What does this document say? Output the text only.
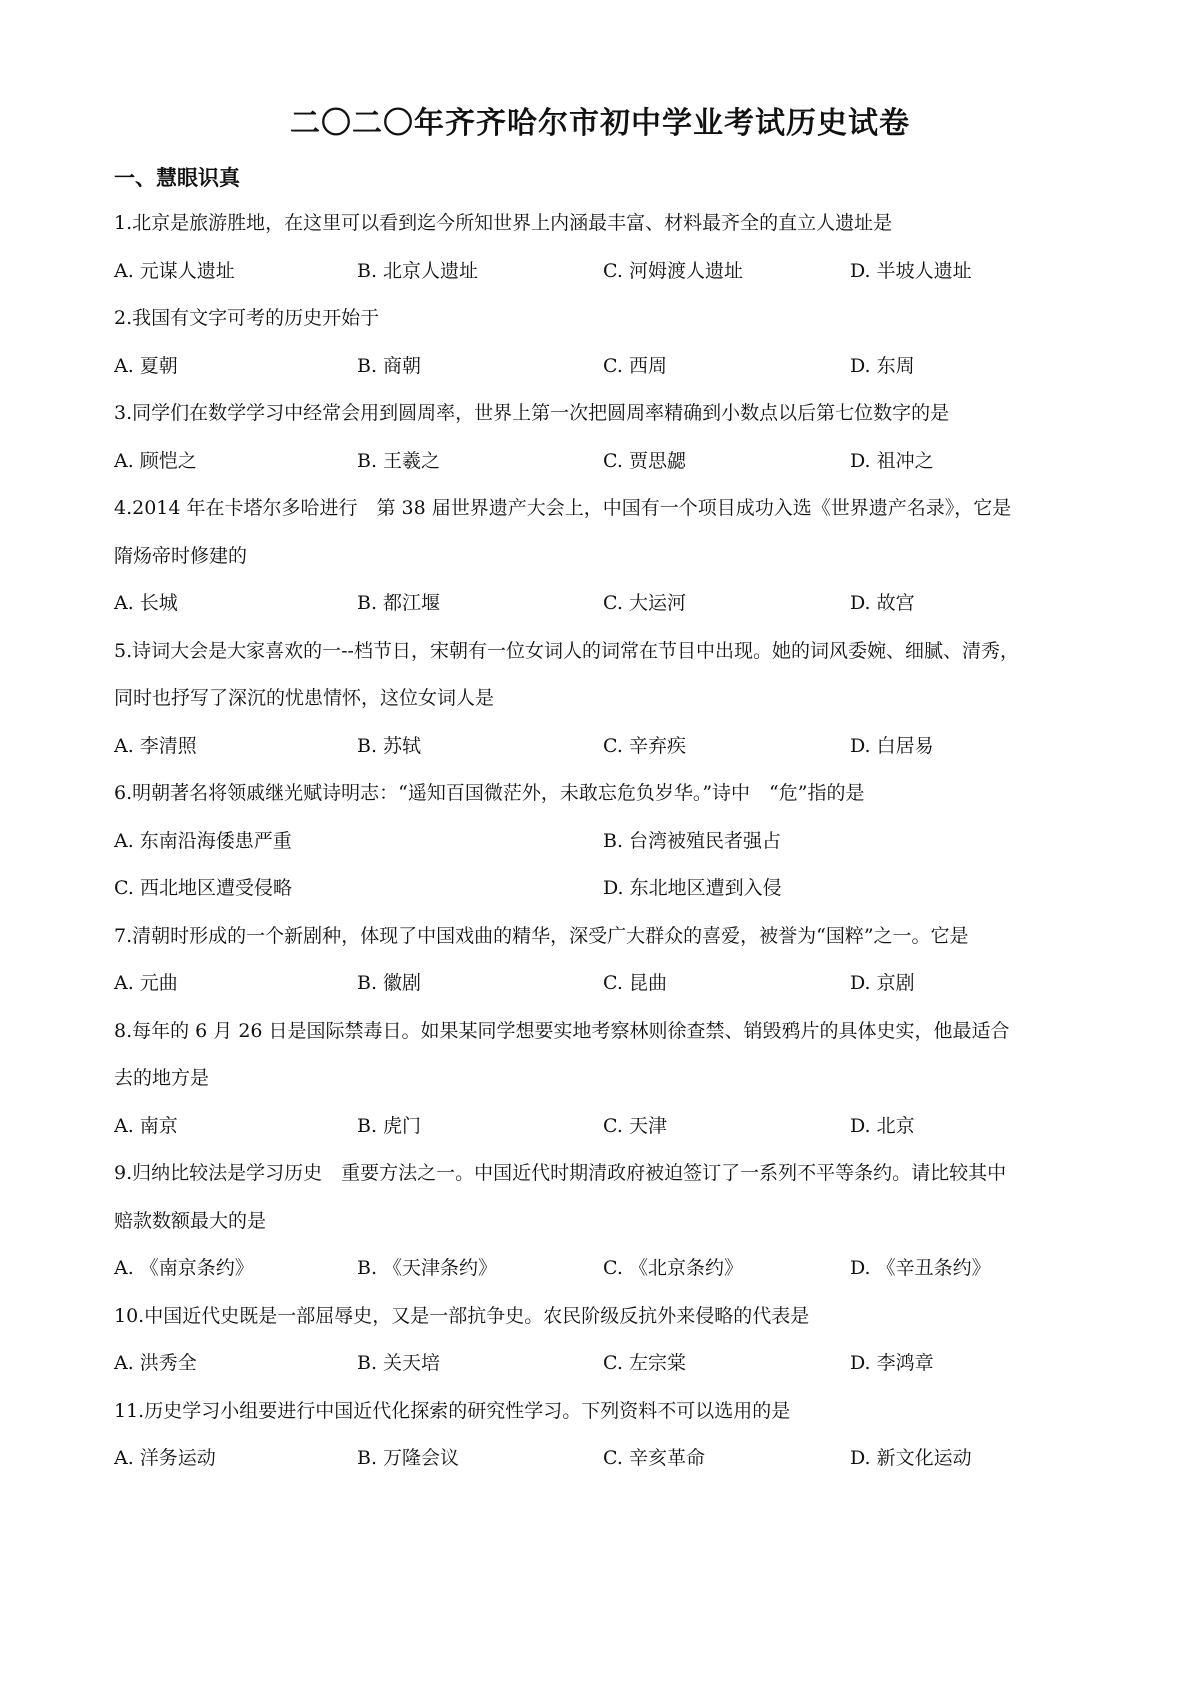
二〇二〇年齐齐哈尔市初中学业考试历史试卷
一、慧眼识真
1.北京是旅游胜地，在这里可以看到迄今所知世界上内涵最丰富、材料最齐全的直立人遗址是
A. 元谋人遗址	B. 北京人遗址	C. 河姆渡人遗址	D. 半坡人遗址
2.我国有文字可考的历史开始于
A. 夏朝	B. 商朝	C. 西周	D. 东周
3.同学们在数学学习中经常会用到圆周率，世界上第一次把圆周率精确到小数点以后第七位数字的是
A. 顾恺之	B. 王羲之	C. 贾思勰	D. 祖冲之
4.2014 年在卡塔尔多哈进行　第 38 届世界遗产大会上，中国有一个项目成功入选《世界遗产名录》，它是
隋炀帝时修建的
A. 长城	B. 都江堰	C. 大运河	D. 故宫
5.诗词大会是大家喜欢的一--档节日，宋朝有一位女词人的词常在节目中出现。她的词风委婉、细腻、清秀，
同时也抒写了深沉的忧患情怀，这位女词人是
A. 李清照	B. 苏轼	C. 辛弃疾	D. 白居易
6.明朝著名将领戚继光赋诗明志：“遥知百国微茫外，未敢忘危负岁华。”诗中　“危”指的是
A. 东南沿海倭患严重	B. 台湾被殖民者强占
C. 西北地区遭受侵略	D. 东北地区遭到入侵
7.清朝时形成的一个新剧种，体现了中国戏曲的精华，深受广大群众的喜爱，被誉为“国粹”之一。它是
A. 元曲	B. 徽剧	C. 昆曲	D. 京剧
8.每年的 6 月 26 日是国际禁毒日。如果某同学想要实地考察林则徐查禁、销毁鸦片的具体史实，他最适合
去的地方是
A. 南京	B. 虎门	C. 天津	D. 北京
9.归纳比较法是学习历史　重要方法之一。中国近代时期清政府被迫签订了一系列不平等条约。请比较其中
赔款数额最大的是
A. 《南京条约》	B. 《天津条约》	C. 《北京条约》	D. 《辛丑条约》
10.中国近代史既是一部屈辱史，又是一部抗争史。农民阶级反抗外来侵略的代表是
A. 洪秀全	B. 关天培	C. 左宗棠	D. 李鸿章
11.历史学习小组要进行中国近代化探索的研究性学习。下列资料不可以选用的是
A. 洋务运动	B. 万隆会议	C. 辛亥革命	D. 新文化运动
